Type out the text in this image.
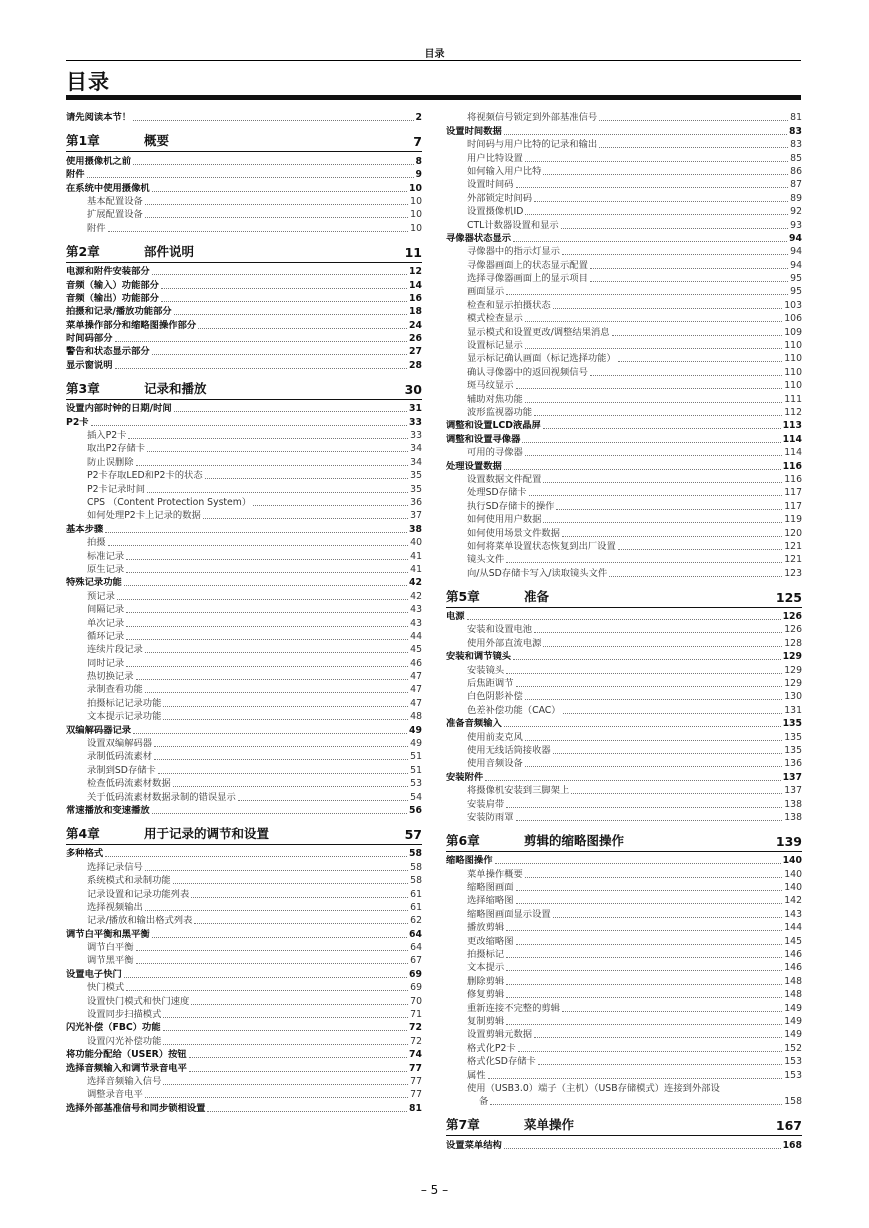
目录
目录
请先阅读本节！	2
第1章	概要	7
使用摄像机之前	8
附件	9
在系统中使用摄像机	10
基本配置设备	10
扩展配置设备	10
附件	10
第2章	部件说明	11
电源和附件安装部分	12
音频（输入）功能部分	14
音频（输出）功能部分	16
拍摄和记录/播放功能部分	18
菜单操作部分和缩略图操作部分	24
时间码部分	26
警告和状态显示部分	27
显示窗说明	28
第3章	记录和播放	30
设置内部时钟的日期/时间	31
P2卡	33
插入P2卡	33
取出P2存储卡	34
防止误删除	34
P2卡存取LED和P2卡的状态	35
P2卡记录时间	35
CPS （Content Protection System）	36
如何处理P2卡上记录的数据	37
基本步骤	38
拍摄	40
标准记录	41
原生记录	41
特殊记录功能	42
预记录	42
间隔记录	43
单次记录	43
循环记录	44
连续片段记录	45
同时记录	46
热切换记录	47
录制查看功能	47
拍摄标记记录功能	47
文本提示记录功能	48
双编解码器记录	49
设置双编解码器	49
录制低码流素材	51
录制到SD存储卡	51
检查低码流素材数据	53
关于低码流素材数据录制的错误显示	54
常速播放和变速播放	56
第4章	用于记录的调节和设置	57
多种格式	58
选择记录信号	58
系统模式和录制功能	58
记录设置和记录功能列表	61
选择视频输出	61
记录/播放和输出格式列表	62
调节白平衡和黑平衡	64
调节白平衡	64
调节黑平衡	67
设置电子快门	69
快门模式	69
设置快门模式和快门速度	70
设置同步扫描模式	71
闪光补偿（FBC）功能	72
设置闪光补偿功能	72
将功能分配给（USER）按钮	74
选择音频输入和调节录音电平	77
选择音频输入信号	77
调整录音电平	77
选择外部基准信号和同步锁相设置	81
将视频信号锁定到外部基准信号	81
设置时间数据	83
时间码与用户比特的记录和输出	83
用户比特设置	85
如何输入用户比特	86
设置时间码	87
外部锁定时间码	89
设置摄像机ID	92
CTL计数器设置和显示	93
寻像器状态显示	94
寻像器中的指示灯显示	94
寻像器画面上的状态显示配置	94
选择寻像器画面上的显示项目	95
画面显示	95
检查和显示拍摄状态	103
模式检查显示	106
显示模式和设置更改/调整结果消息	109
设置标记显示	110
显示标记确认画面（标记选择功能）	110
确认寻像器中的返回视频信号	110
斑马纹显示	110
辅助对焦功能	111
波形监视器功能	112
调整和设置LCD液晶屏	113
调整和设置寻像器	114
可用的寻像器	114
处理设置数据	116
设置数据文件配置	116
处理SD存储卡	117
执行SD存储卡的操作	117
如何使用用户数据	119
如何使用场景文件数据	120
如何将菜单设置状态恢复到出厂设置	121
镜头文件	121
向/从SD存储卡写入/读取镜头文件	123
第5章	准备	125
电源	126
安装和设置电池	126
使用外部直流电源	128
安装和调节镜头	129
安装镜头	129
后焦距调节	129
白色阴影补偿	130
色差补偿功能（CAC）	131
准备音频输入	135
使用前麦克风	135
使用无线话筒接收器	135
使用音频设备	136
安装附件	137
将摄像机安装到三脚架上	137
安装肩带	138
安装防雨罩	138
第6章	剪辑的缩略图操作	139
缩略图操作	140
菜单操作概要	140
缩略图画面	140
选择缩略图	142
缩略图画面显示设置	143
播放剪辑	144
更改缩略图	145
拍摄标记	146
文本提示	146
删除剪辑	148
修复剪辑	148
重新连接不完整的剪辑	149
复制剪辑	149
设置剪辑元数据	149
格式化P2卡	152
格式化SD存储卡	153
属性	153
使用（USB3.0）端子（主机）（USB存储模式）连接到外部设
备	158
第7章	菜单操作	167
设置菜单结构	168
– 5 –
